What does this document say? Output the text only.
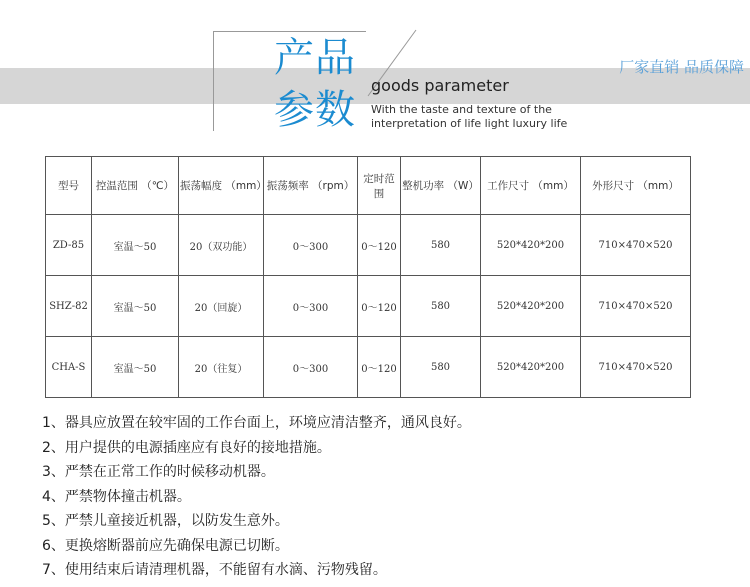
产品
参数
goods parameter
With the taste and texture of the
interpretation of life light luxury life
厂家直销 品质保障
型号	控温范围 （℃）	振荡幅度 （mm）	振荡频率 （rpm）	定时范围	整机功率 （W）	工作尺寸 （mm）	外形尺寸 （mm）
ZD-85	室温～50	20（双功能）	0～300	0～120	580	520*420*200	710×470×520
SHZ-82	室温～50	20（回旋）	0～300	0～120	580	520*420*200	710×470×520
CHA-S	室温～50	20（往复）	0～300	0～120	580	520*420*200	710×470×520
1、器具应放置在较牢固的工作台面上，环境应清洁整齐，通风良好。
2、用户提供的电源插座应有良好的接地措施。
3、严禁在正常工作的时候移动机器。
4、严禁物体撞击机器。
5、严禁儿童接近机器，以防发生意外。
6、更换熔断器前应先确保电源已切断。
7、使用结束后请清理机器，不能留有水滴、污物残留。
